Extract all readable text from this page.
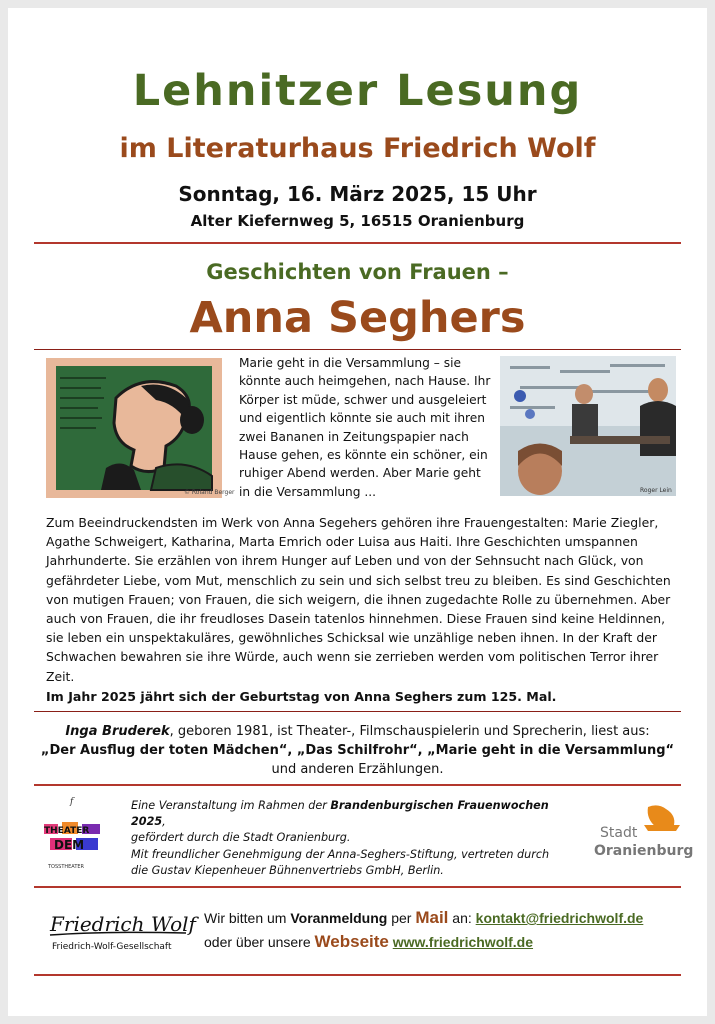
Lehnitzer Lesung
im Literaturhaus Friedrich Wolf
Sonntag, 16. März 2025, 15 Uhr
Alter Kiefernweg 5, 16515 Oranienburg
Geschichten von Frauen –
Anna Seghers
© Roland Berger
Marie geht in die Versammlung – sie könnte auch heimgehen, nach Hause. Ihr Körper ist müde, schwer und ausgeleiert und eigentlich könnte sie auch mit ihren zwei Bananen in Zeitungspapier nach Hause gehen, es könnte ein schöner, ein ruhiger Abend werden. Aber Marie geht in die Versammlung ...	Roger Lein
Zum Beeindruckendsten im Werk von Anna Segehers gehören ihre Frauengestalten: Marie Ziegler, Agathe Schweigert, Katharina, Marta Emrich oder Luisa aus Haiti. Ihre Geschichten umspannen Jahrhunderte. Sie erzählen von ihrem Hunger auf Leben und von der Sehnsucht nach Glück, von gefährdeter Liebe, vom Mut, menschlich zu sein und sich selbst treu zu bleiben. Es sind Geschichten von mutigen Frauen; von Frauen, die sich weigern, die ihnen zugedachte Rolle zu übernehmen. Aber auch von Frauen, die ihr freudloses Dasein tatenlos hinnehmen. Diese Frauen sind keine Heldinnen, sie leben ein unspektakuläres, gewöhnliches Schicksal wie unzählige neben ihnen. In der Kraft der Schwachen bewahren sie ihre Würde, auch wenn sie zerrieben werden vom politischen Terror ihrer Zeit.
Im Jahr 2025 jährt sich der Geburtstag von Anna Seghers zum 125. Mal.
Inga Bruderek, geboren 1981, ist Theater-, Filmschauspielerin und Sprecherin, liest aus:
„Der Ausflug der toten Mädchen“, „Das Schilfrohr“, „Marie geht in die Versammlung“
und anderen Erzählungen.
f
THEATER
DEM
TOSSTHEATER
Eine Veranstaltung im Rahmen der Brandenburgischen Frauenwochen 2025,
gefördert durch die Stadt Oranienburg.
Mit freundlicher Genehmigung der Anna-Seghers-Stiftung, vertreten durch
die Gustav Kiepenheuer Bühnenvertriebs GmbH, Berlin.
Stadt
Oranienburg
Friedrich Wolf
Friedrich-Wolf-Gesellschaft
Wir bitten um Voranmeldung per Mail an: kontakt@friedrichwolf.de
oder über unsere Webseite www.friedrichwolf.de
